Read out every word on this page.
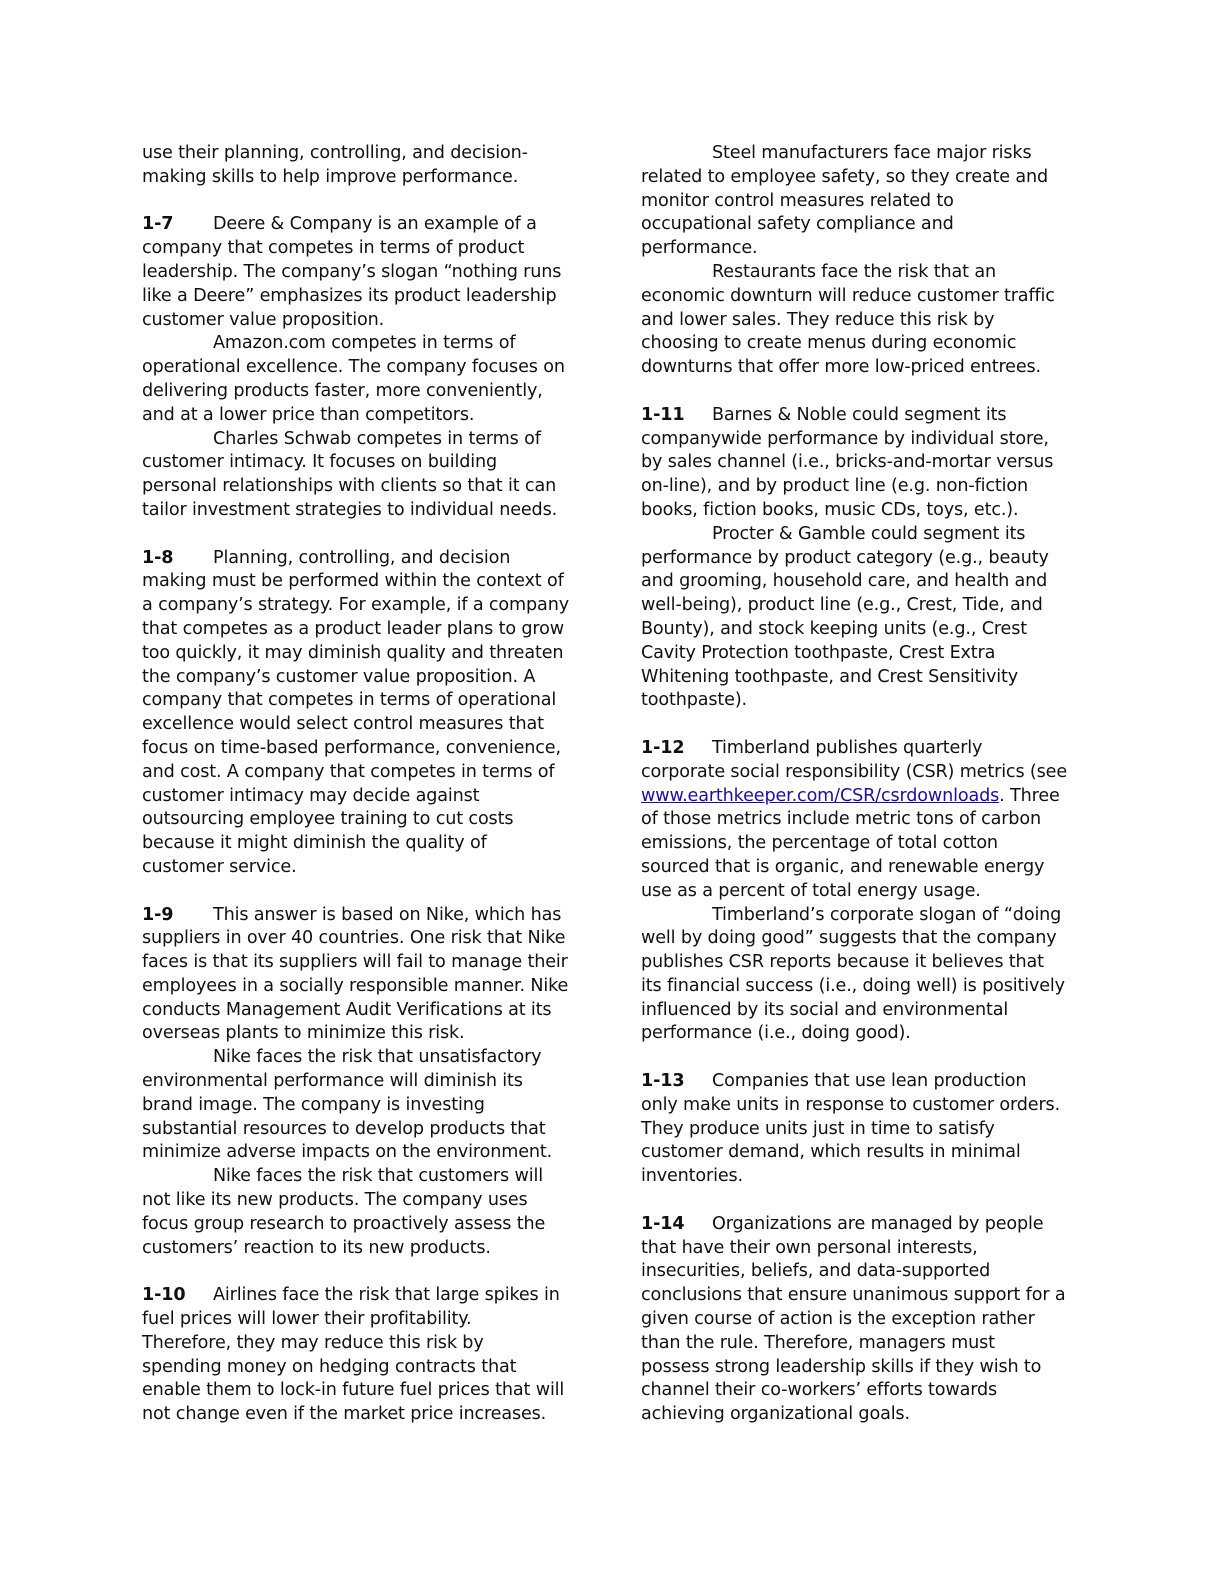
use their planning, controlling, and decision-
making skills to help improve performance.

1-7 Deere & Company is an example of a
company that competes in terms of product
leadership. The company’s slogan “nothing runs
like a Deere” emphasizes its product leadership
customer value proposition.

Amazon.com competes in terms of
operational excellence. The company focuses on
delivering products faster, more conveniently,
and at a lower price than competitors.

Charles Schwab competes in terms of
customer intimacy. It focuses on building
personal relationships with clients so that it can
tailor investment strategies to individual needs.

1-8 Planning, controlling, and decision
making must be performed within the context of
a company’s strategy. For example, if a company
that competes as a product leader plans to grow
too quickly, it may diminish quality and threaten
the company’s customer value proposition. A
company that competes in terms of operational
excellence would select control measures that
focus on time-based performance, convenience,
and cost. A company that competes in terms of
customer intimacy may decide against
outsourcing employee training to cut costs
because it might diminish the quality of
customer service.

1-9 This answer is based on Nike, which has
suppliers in over 40 countries. One risk that Nike
faces is that its suppliers will fail to manage their
employees in a socially responsible manner. Nike
conducts Management Audit Verifications at its
overseas plants to minimize this risk.

Nike faces the risk that unsatisfactory
environmental performance will diminish its
brand image. The company is investing
substantial resources to develop products that
minimize adverse impacts on the environment.

Nike faces the risk that customers will
not like its new products. The company uses
focus group research to proactively assess the
customers’ reaction to its new products.

1-10 Airlines face the risk that large spikes in
fuel prices will lower their profitability.
Therefore, they may reduce this risk by
spending money on hedging contracts that
enable them to lock-in future fuel prices that will
not change even if the market price increases.

Steel manufacturers face major risks
related to employee safety, so they create and
monitor control measures related to
occupational safety compliance and
performance.

Restaurants face the risk that an
economic downturn will reduce customer traffic
and lower sales. They reduce this risk by
choosing to create menus during economic
downturns that offer more low-priced entrees.

1-11 Barnes & Noble could segment its
companywide performance by individual store,
by sales channel (i.e., bricks-and-mortar versus
on-line), and by product line (e.g. non-fiction
books, fiction books, music CDs, toys, etc.).

Procter & Gamble could segment its
performance by product category (e.g., beauty
and grooming, household care, and health and
well-being), product line (e.g., Crest, Tide, and
Bounty), and stock keeping units (e.g., Crest
Cavity Protection toothpaste, Crest Extra
Whitening toothpaste, and Crest Sensitivity
toothpaste).

1-12 Timberland publishes quarterly
corporate social responsibility (CSR) metrics (see
www.earthkeeper.com/CSR/csrdownloads. Three
of those metrics include metric tons of carbon
emissions, the percentage of total cotton
sourced that is organic, and renewable energy
use as a percent of total energy usage.

Timberland’s corporate slogan of “doing
well by doing good” suggests that the company
publishes CSR reports because it believes that
its financial success (i.e., doing well) is positively
influenced by its social and environmental
performance (i.e., doing good).

1-13 Companies that use lean production
only make units in response to customer orders.
They produce units just in time to satisfy
customer demand, which results in minimal
inventories.

1-14 Organizations are managed by people
that have their own personal interests,
insecurities, beliefs, and data-supported
conclusions that ensure unanimous support for a
given course of action is the exception rather
than the rule. Therefore, managers must
possess strong leadership skills if they wish to
channel their co-workers’ efforts towards
achieving organizational goals.
